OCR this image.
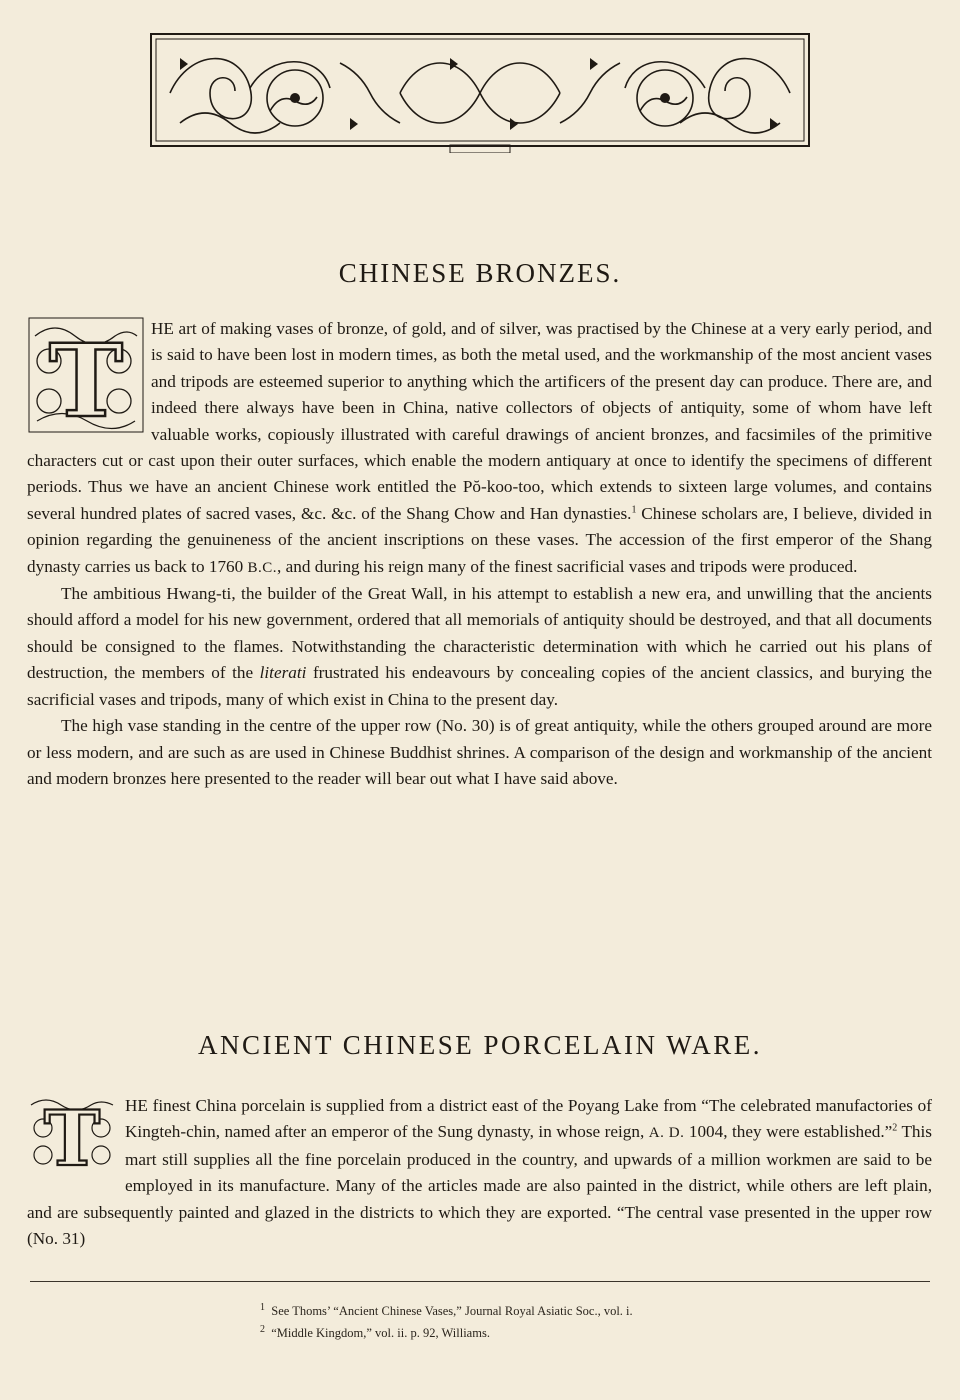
CHINESE BRONZES.
T	HE art of making vases of bronze, of gold, and of silver, was practised by the Chinese at a very early period, and is said to have been lost in modern times, as both the metal used, and the workmanship of the most ancient vases and tripods are esteemed superior to anything which the artificers of the present day can produce. There are, and indeed there always have been in China, native collectors of objects of antiquity, some of whom have left valuable works, copiously illustrated with careful drawings of ancient bronzes, and facsimiles of the primitive characters cut or cast upon their outer surfaces, which enable the modern antiquary at once to identify the specimens of different periods. Thus we have an ancient Chinese work entitled the Pŏ-koo-too, which extends to sixteen large volumes, and contains several hundred plates of sacred vases, &c. &c. of the Shang Chow and Han dynasties.$^1$ Chinese scholars are, I believe, divided in opinion regarding the genuineness of the ancient inscriptions on these vases. The accession of the first emperor of the Shang dynasty carries us back to 1760 B.C., and during his reign many of the finest sacrificial vases and tripods were produced.

The ambitious Hwang-ti, the builder of the Great Wall, in his attempt to establish a new era, and unwilling that the ancients should afford a model for his new government, ordered that all memorials of antiquity should be destroyed, and that all documents should be consigned to the flames. Notwithstanding the characteristic determination with which he carried out his plans of destruction, the members of the literati frustrated his endeavours by concealing copies of the ancient classics, and burying the sacrificial vases and tripods, many of which exist in China to the present day.

The high vase standing in the centre of the upper row (No. 30) is of great antiquity, while the others grouped around are more or less modern, and are such as are used in Chinese Buddhist shrines. A comparison of the design and workmanship of the ancient and modern bronzes here presented to the reader will bear out what I have said above.

ANCIENT CHINESE PORCELAIN WARE.
T	HE finest China porcelain is supplied from a district east of the Poyang Lake from “The celebrated manufactories of Kingteh-chin, named after an emperor of the Sung dynasty, in whose reign, A. D. 1004, they were established.”$^2$ This mart still supplies all the fine porcelain produced in the country, and upwards of a million workmen are said to be employed in its manufacture. Many of the articles made are also painted in the district, while others are left plain, and are subsequently painted and glazed in the districts to which they are exported. “The central vase presented in the upper row (No. 31)

$^1$ See Thoms’ “Ancient Chinese Vases,” Journal Royal Asiatic Soc., vol. i.
$^2$ “Middle Kingdom,” vol. ii. p. 92, Williams.
